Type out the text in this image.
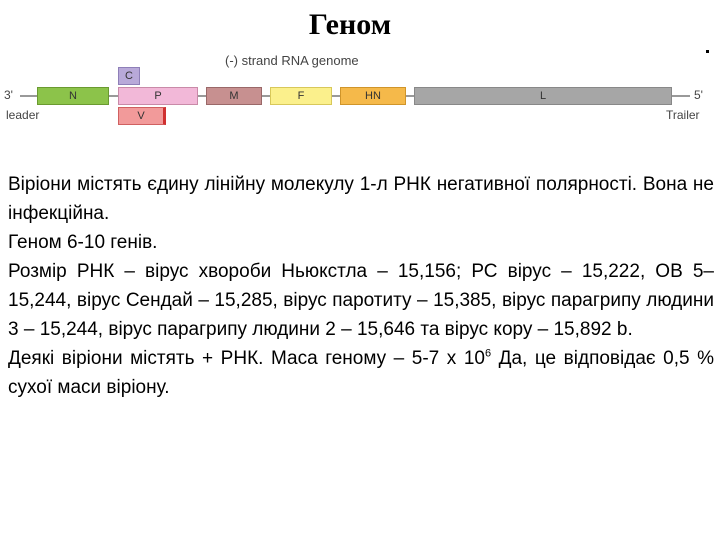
Геном
(-) strand RNA genome
3'	5'
leader	Trailer
N
C
P
V
M	F	HN	L

Віріони містять єдину лінійну молекулу 1-л РНК негативної полярності. Вона не інфекційна.

Геном 6-10 генів.

Розмір РНК – вірус хвороби Ньюкстла – 15,156; РС вірус – 15,222, ОВ 5–15,244, вірус Сендай – 15,285, вірус паротиту – 15,385, вірус парагрипу людини 3 – 15,244, вірус парагрипу людини 2 – 15,646 та вірус кору – 15,892 b.

Деякі віріони містять + РНК. Маса геному – 5-7 х $10^6$ Да, це відповідає 0,5 % сухої маси віріону.
